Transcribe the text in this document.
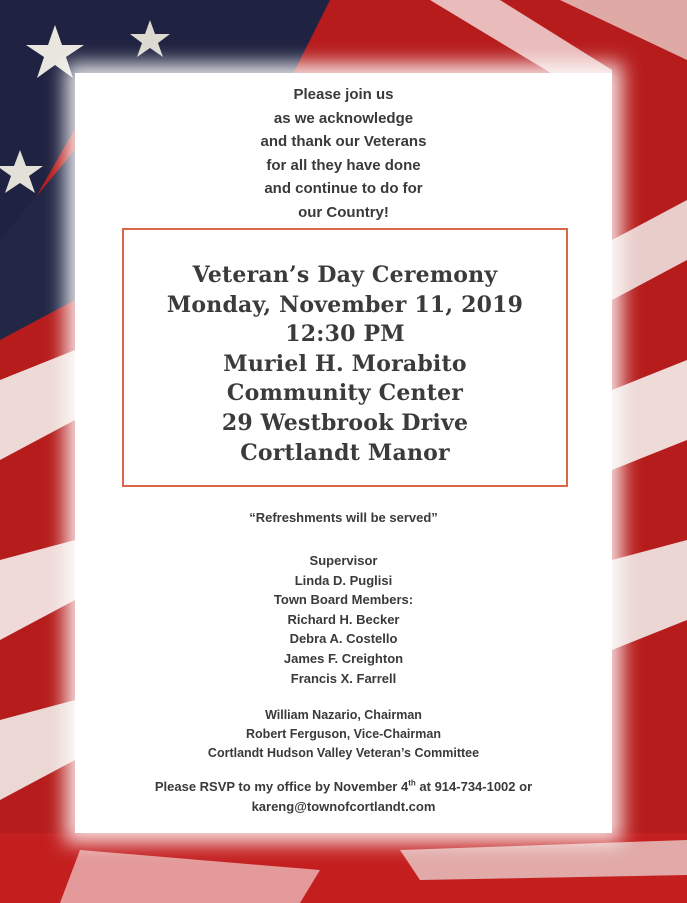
Please join us
as we acknowledge
and thank our Veterans
for all they have done
and continue to do for
our Country!
Veteran’s Day Ceremony
Monday, November 11, 2019
12:30 PM
Muriel H. Morabito
Community Center
29 Westbrook Drive
Cortlandt Manor
“Refreshments will be served”
Supervisor
Linda D. Puglisi
Town Board Members:
Richard H. Becker
Debra A. Costello
James F. Creighton
Francis X. Farrell
William Nazario, Chairman
Robert Ferguson, Vice-Chairman
Cortlandt Hudson Valley Veteran’s Committee
Please RSVP to my office by November 4th at 914-734-1002 or
kareng@townofcortlandt.com
